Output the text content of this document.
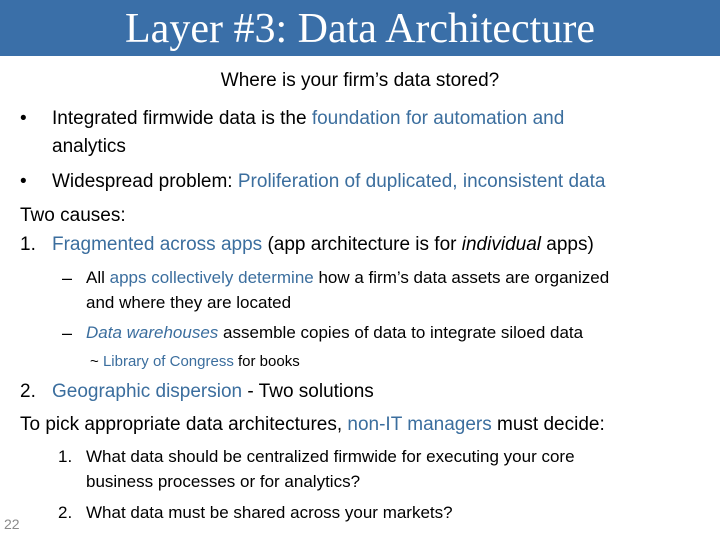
Layer #3: Data Architecture
Where is your firm’s data stored?
• Integrated firmwide data is the foundation for automation and
analytics
• Widespread problem: Proliferation of duplicated, inconsistent data
Two causes:
1. Fragmented across apps (app architecture is for individual apps)
– All apps collectively determine how a firm’s data assets are organized
and where they are located
– Data warehouses assemble copies of data to integrate siloed data
~ Library of Congress for books
2. Geographic dispersion - Two solutions
To pick appropriate data architectures, non-IT managers must decide:
1. What data should be centralized firmwide for executing your core
business processes or for analytics?
2. What data must be shared across your markets?
22
